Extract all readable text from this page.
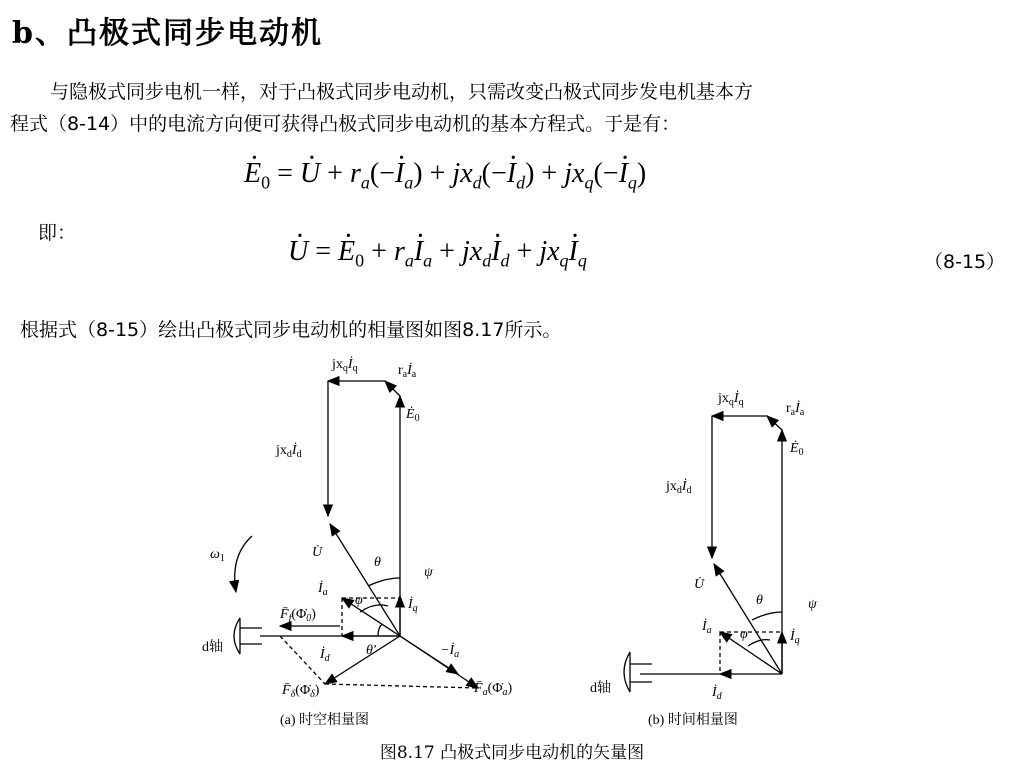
b、凸极式同步电动机
与隐极式同步电机一样，对于凸极式同步电动机，只需改变凸极式同步发电机基本方
程式（8-14）中的电流方向便可获得凸极式同步电动机的基本方程式。于是有：
· $E_0$ = · $U + r_a(-\cdot I_a) + jx_d(-\cdot I_d) + jx_q(-\cdot I_q)$
即：
· U = · $E_0 + r_a\cdot I_a + jx_d\cdot I_d + jx_q\cdot I_q$	（8-15）
根据式（8-15）绘出凸极式同步电动机的相量图如图8.17所示。
$jx_qİ_q$	$r_aİ_a$
$Ė_0$
$jx_dİ_d$
$\omega_1$	U̇
θ
ψ
φ
$İ_a$
$İ_q$
$İ_d$
θ'	$-İ_a$
$F̄_f(\Phi̇_0)$
$F̄_\delta(\Phi̇_\delta)$	$F̄_a(\Phi̇_a)$
d轴
(a) 时空相量图
$jx_qİ_q$	$r_aİ_a$
$Ė_0$
$jx_dİ_d$
U̇
θ	ψ
φ
$İ_a$	$İ_q$
$İ_d$
d轴
(b) 时间相量图
图8.17 凸极式同步电动机的矢量图
